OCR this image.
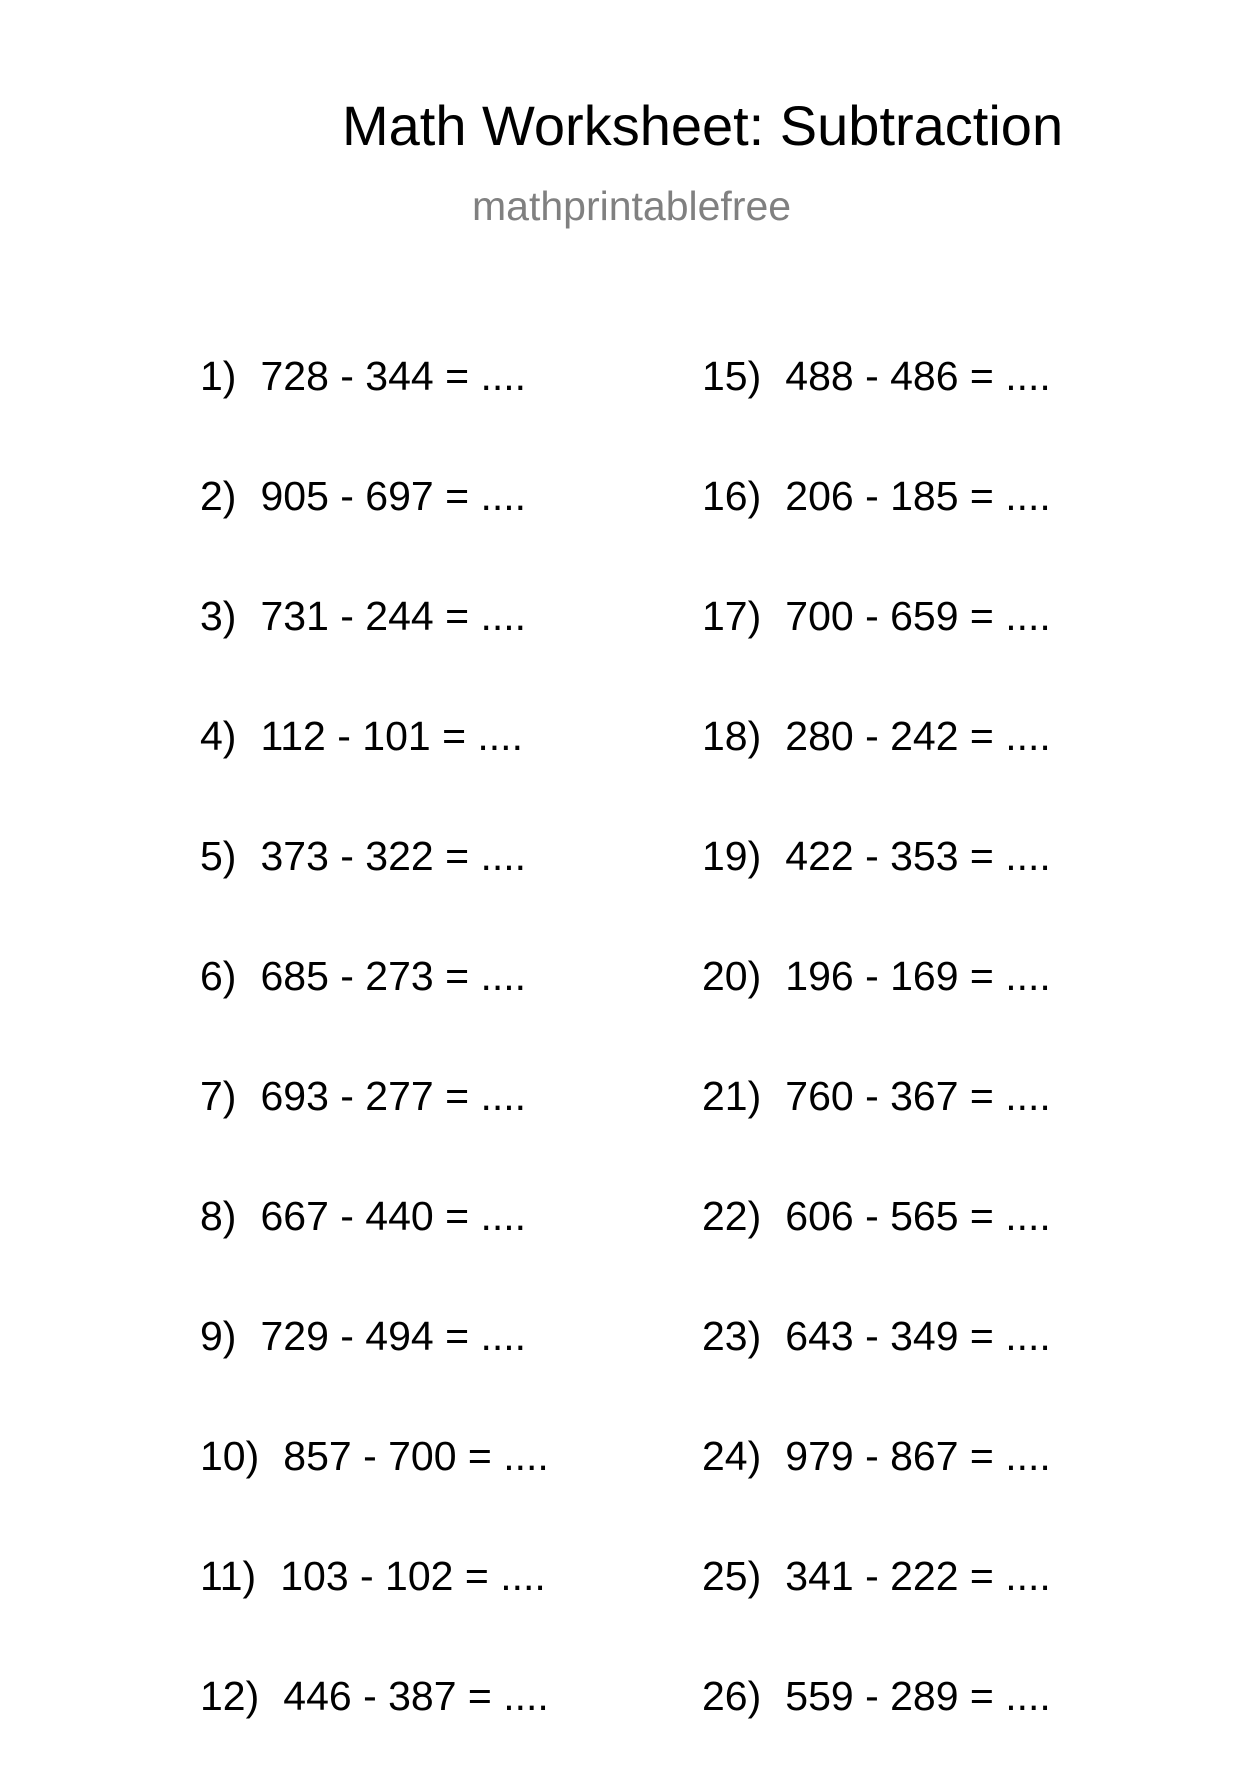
Math Worksheet: Subtraction
mathprintablefree
1) 728 - 344 = ....
2) 905 - 697 = ....
3) 731 - 244 = ....
4) 112 - 101 = ....
5) 373 - 322 = ....
6) 685 - 273 = ....
7) 693 - 277 = ....
8) 667 - 440 = ....
9) 729 - 494 = ....
10) 857 - 700 = ....
11) 103 - 102 = ....
12) 446 - 387 = ....
15) 488 - 486 = ....
16) 206 - 185 = ....
17) 700 - 659 = ....
18) 280 - 242 = ....
19) 422 - 353 = ....
20) 196 - 169 = ....
21) 760 - 367 = ....
22) 606 - 565 = ....
23) 643 - 349 = ....
24) 979 - 867 = ....
25) 341 - 222 = ....
26) 559 - 289 = ....
